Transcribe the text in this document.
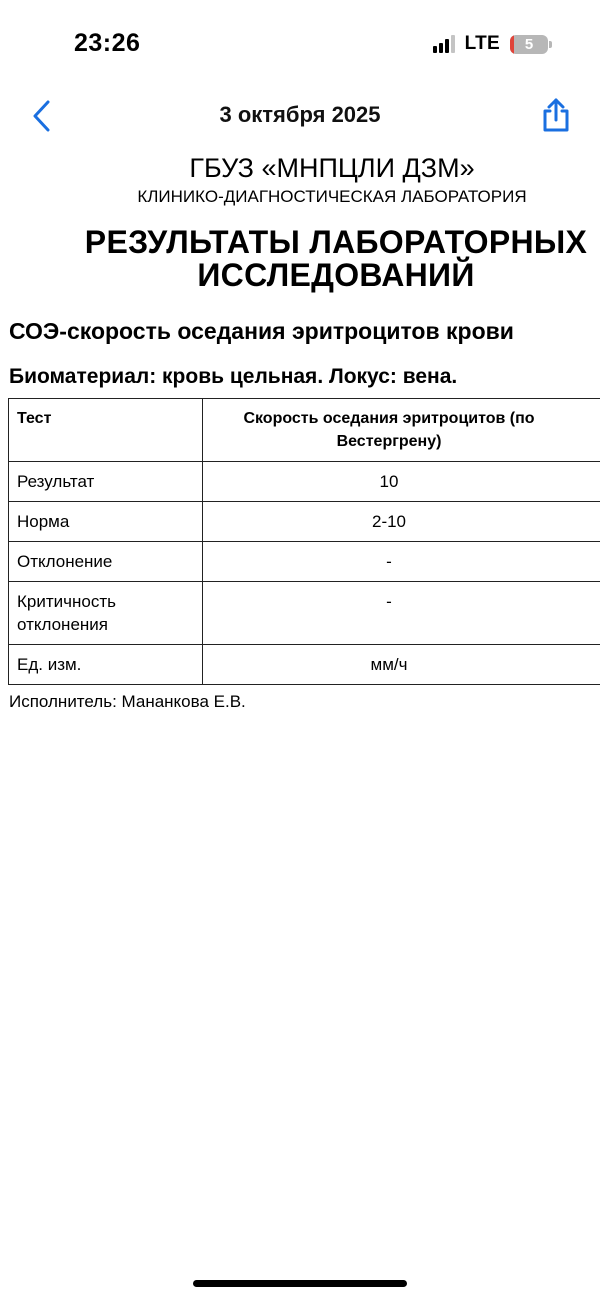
23:26	LTE 5
3 октября 2025
ГБУЗ «МНПЦЛИ ДЗМ»
КЛИНИКО-ДИАГНОСТИЧЕСКАЯ ЛАБОРАТОРИЯ
РЕЗУЛЬТАТЫ ЛАБОРАТОРНЫХ
ИССЛЕДОВАНИЙ
СОЭ-скорость оседания эритроцитов крови
Биоматериал: кровь цельная. Локус: вена.
Тест	Скорость оседания эритроцитов (по Вестергрену)
Результат	10
Норма	2-10
Отклонение	-
Критичность отклонения	-
Ед. изм.	мм/ч
Исполнитель: Мананкова Е.В.
